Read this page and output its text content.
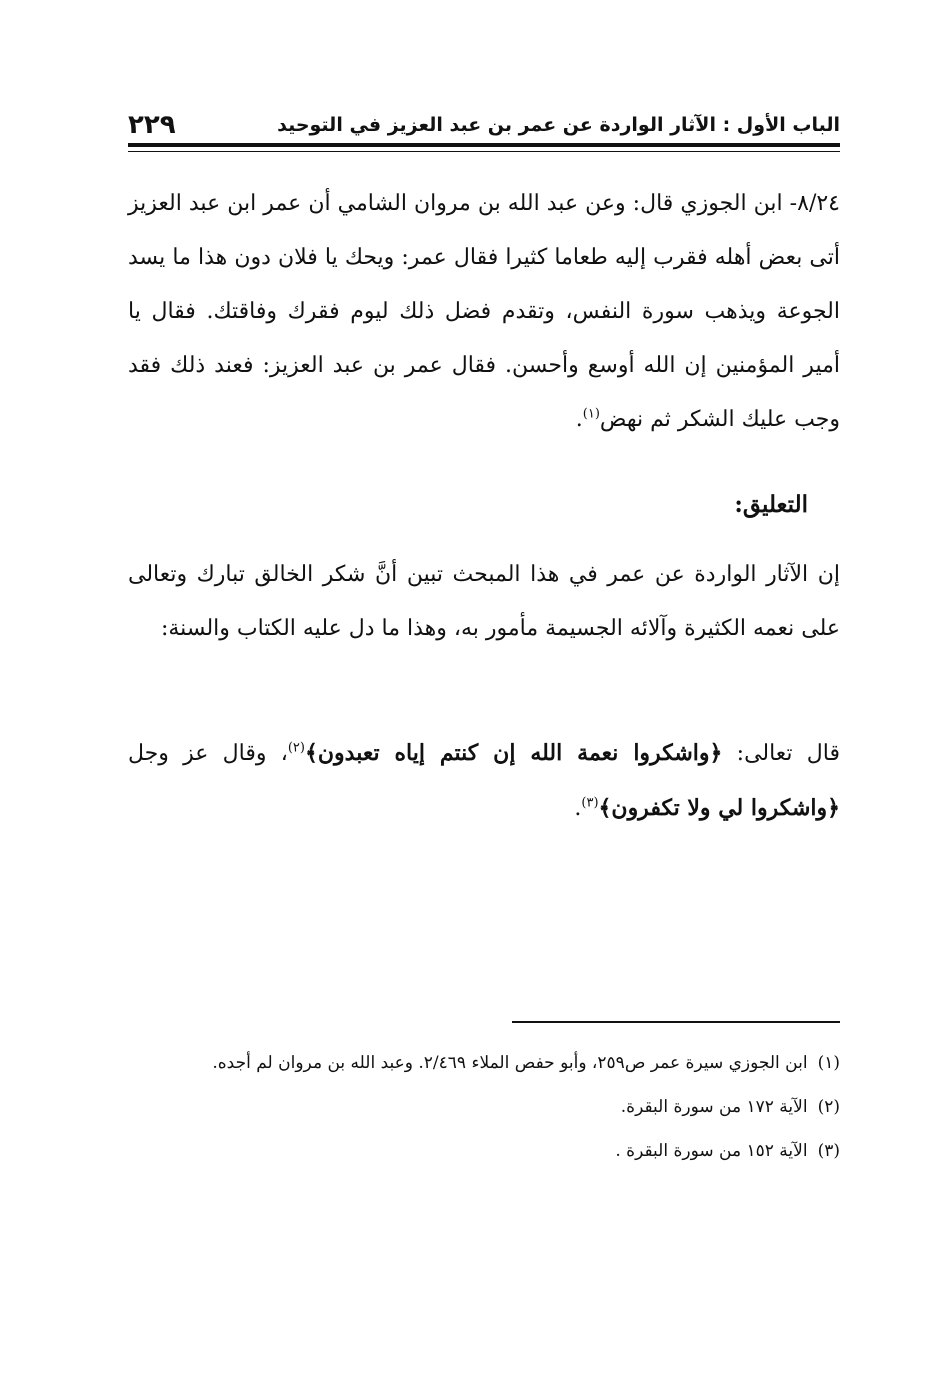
الباب الأول : الآثار الواردة عن عمر بن عبد العزيز في التوحيد
٢٢٩

٨/٢٤- ابن الجوزي قال: وعن عبد الله بن مروان الشامي أن عمر ابن عبد العزيز أتى بعض أهله فقرب إليه طعاما كثيرا فقال عمر: ويحك يا فلان دون هذا ما يسد الجوعة ويذهب سورة النفس، وتقدم فضل ذلك ليوم فقرك وفاقتك. فقال يا أمير المؤمنين إن الله أوسع وأحسن. فقال عمر بن عبد العزيز: فعند ذلك فقد وجب عليك الشكر ثم نهض$^{(١)}$.

التعليق:

إن الآثار الواردة عن عمر في هذا المبحث تبين أنَّ شكر الخالق تبارك وتعالى على نعمه الكثيرة وآلائه الجسيمة مأمور به، وهذا ما دل عليه الكتاب والسنة:

قال تعالى: ﴿واشكروا نعمة الله إن كنتم إياه تعبدون﴾$^{(٢)}$، وقال عز وجل ﴿واشكروا لي ولا تكفرون﴾$^{(٣)}$.

(١)
ابن الجوزي سيرة عمر ص٢٥٩، وأبو حفص الملاء ٢/٤٦٩. وعبد الله بن مروان لم أجده.
(٢)
الآية ١٧٢ من سورة البقرة.
(٣)
الآية ١٥٢ من سورة البقرة .
